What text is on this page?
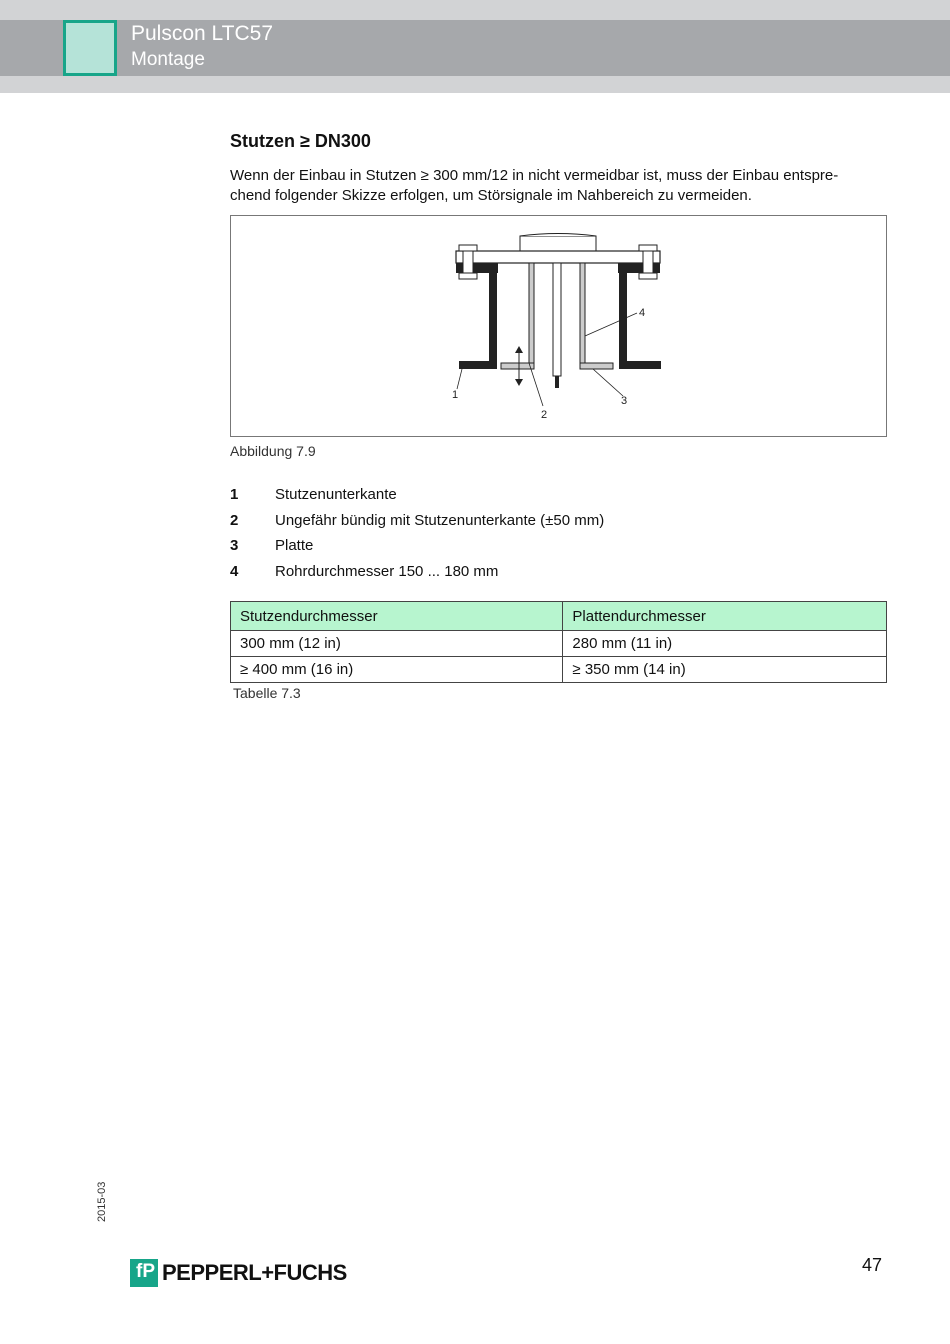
Pulscon LTC57
Montage
Stutzen ≥ DN300
Wenn der Einbau in Stutzen ≥ 300 mm/12 in nicht vermeidbar ist, muss der Einbau entspre-
chend folgender Skizze erfolgen, um Störsignale im Nahbereich zu vermeiden.
1
2
3
4
Abbildung 7.9
1	Stutzenunterkante
2	Ungefähr bündig mit Stutzenunterkante (±50 mm)
3	Platte
4	Rohrdurchmesser 150 ... 180 mm
Stutzendurchmesser	Plattendurchmesser
300 mm (12 in)	280 mm (11 in)
≥ 400 mm (16 in)	≥ 350 mm (14 in)
Tabelle 7.3
2015-03
47
fP PEPPERL+FUCHS
